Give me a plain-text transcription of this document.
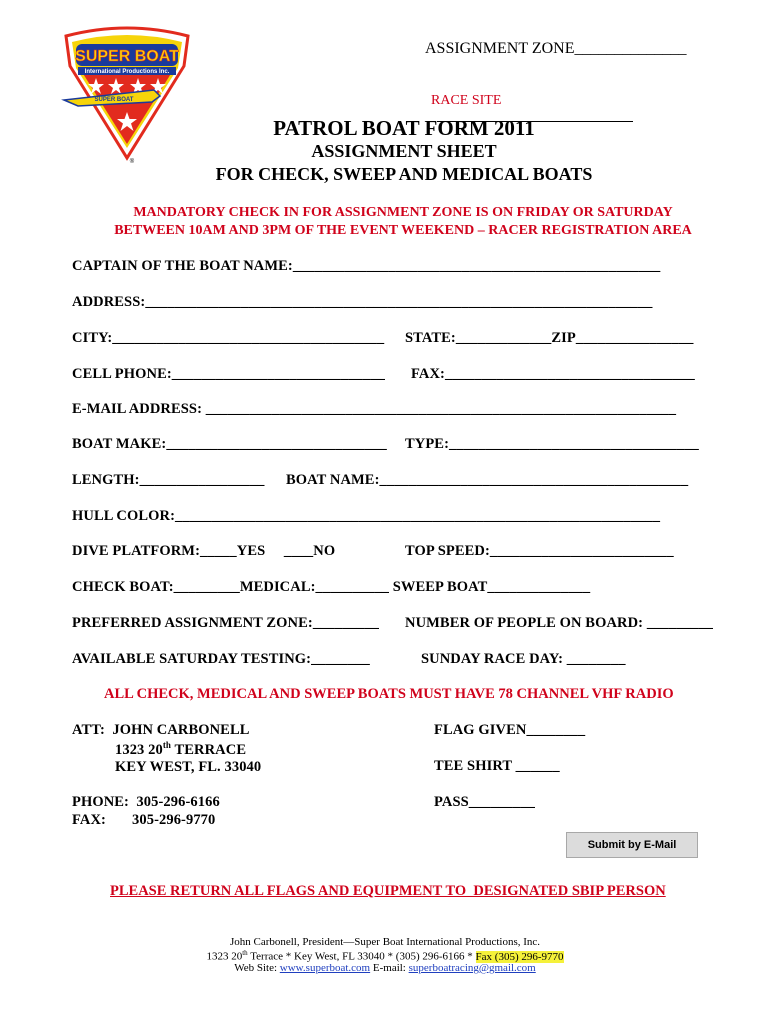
SUPER BOAT
International Productions Inc.
SUPER BOAT
®
ASSIGNMENT ZONE______________

RACE SITE

PATROL BOAT FORM 2011
ASSIGNMENT SHEET
FOR CHECK, SWEEP AND MEDICAL BOATS
MANDATORY CHECK IN FOR ASSIGNMENT ZONE IS ON FRIDAY OR SATURDAY
BETWEEN 10AM AND 3PM OF THE EVENT WEEKEND – RACER REGISTRATION AREA
CAPTAIN OF THE BOAT NAME:__________________________________________________
ADDRESS:_____________________________________________________________________
CITY:_____________________________________ STATE:_____________ZIP________________
CELL PHONE:_____________________________ FAX:__________________________________
E-MAIL ADDRESS: ________________________________________________________________
BOAT MAKE:______________________________ TYPE:__________________________________
LENGTH:_________________ BOAT NAME:__________________________________________
HULL COLOR:__________________________________________________________________
DIVE PLATFORM:_____YES     ____NO	TOP SPEED:_________________________
CHECK BOAT:_________MEDICAL:__________ SWEEP BOAT______________
PREFERRED ASSIGNMENT ZONE:_________ NUMBER OF PEOPLE ON BOARD: _________
AVAILABLE SATURDAY TESTING:________	SUNDAY RACE DAY: ________
ALL CHECK, MEDICAL AND SWEEP BOATS MUST HAVE 78 CHANNEL VHF RADIO
ATT:  JOHN CARBONELL
1323 20th TERRACE
KEY WEST, FL. 33040
PHONE:  305-296-6166
FAX:       305-296-9770
FLAG GIVEN________
TEE SHIRT ______
PASS_________
Submit by E-Mail
PLEASE RETURN ALL FLAGS AND EQUIPMENT TO  DESIGNATED SBIP PERSON
John Carbonell, President—Super Boat International Productions, Inc.
1323 20th Terrace * Key West, FL 33040 * (305) 296-6166 * Fax (305) 296-9770
Web Site: www.superboat.com E-mail: superboatracing@gmail.com
